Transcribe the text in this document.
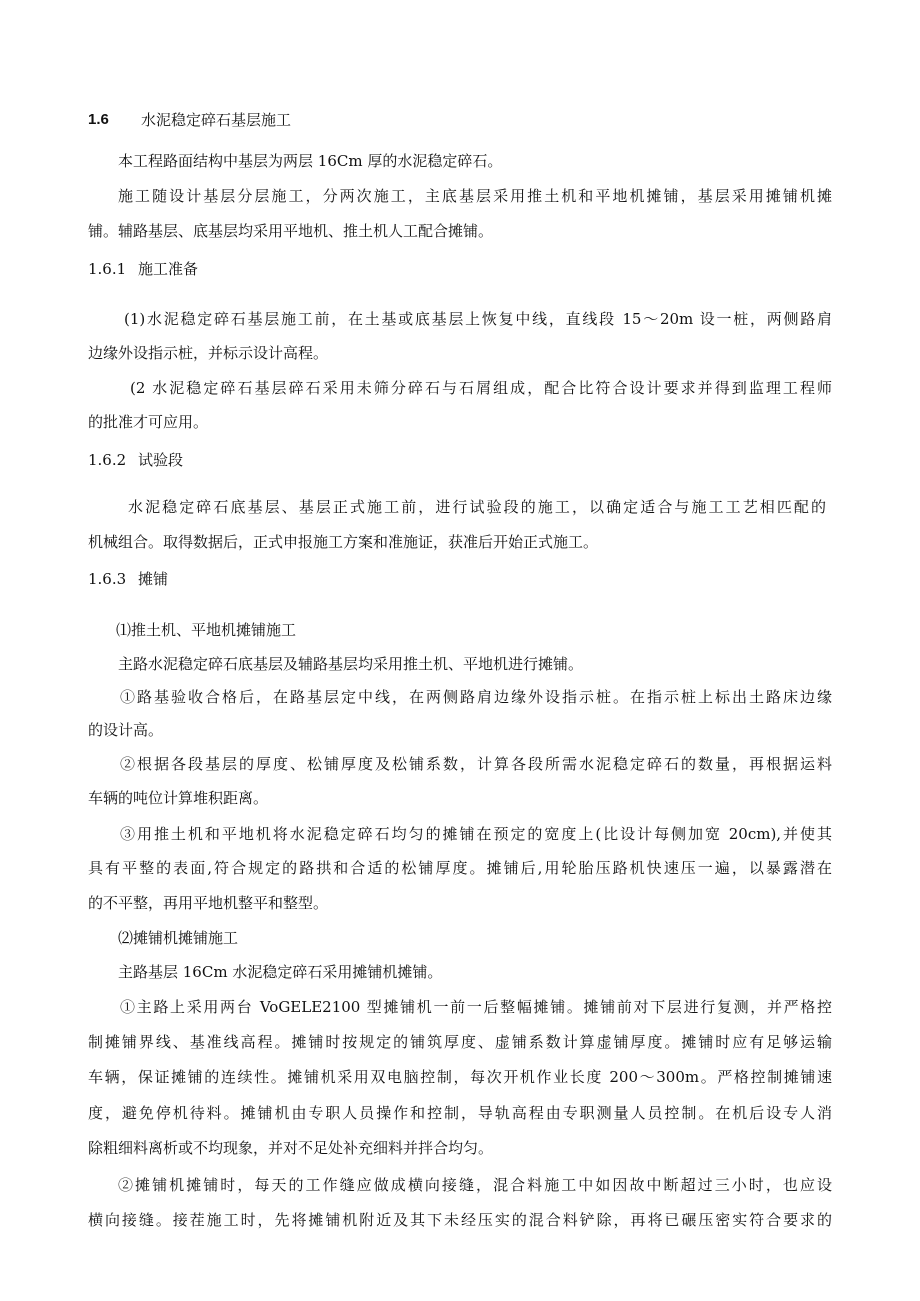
1.6 水泥稳定碎石基层施工
本工程路面结构中基层为两层 16Cm 厚的水泥稳定碎石。
施工随设计基层分层施工，分两次施工，主底基层采用推土机和平地机摊铺，基层采用摊铺机摊
铺。辅路基层、底基层均采用平地机、推土机人工配合摊铺。
1.6.1 施工准备
(1)水泥稳定碎石基层施工前，在土基或底基层上恢复中线，直线段 15～20m 设一桩，两侧路肩
边缘外设指示桩，并标示设计高程。
(2 水泥稳定碎石基层碎石采用未筛分碎石与石屑组成，配合比符合设计要求并得到监理工程师
的批准才可应用。
1.6.2 试验段
水泥稳定碎石底基层、基层正式施工前，进行试验段的施工，以确定适合与施工工艺相匹配的
机械组合。取得数据后，正式申报施工方案和准施证，获准后开始正式施工。
1.6.3 摊铺
⑴推土机、平地机摊铺施工
主路水泥稳定碎石底基层及辅路基层均采用推土机、平地机进行摊铺。
①路基验收合格后，在路基层定中线，在两侧路肩边缘外设指示桩。在指示桩上标出土路床边缘
的设计高。
②根据各段基层的厚度、松铺厚度及松铺系数，计算各段所需水泥稳定碎石的数量，再根据运料
车辆的吨位计算堆积距离。
③用推土机和平地机将水泥稳定碎石均匀的摊铺在预定的宽度上(比设计每侧加宽 20cm),并使其
具有平整的表面,符合规定的路拱和合适的松铺厚度。摊铺后,用轮胎压路机快速压一遍，以暴露潜在
的不平整，再用平地机整平和整型。
⑵摊铺机摊铺施工
主路基层 16Cm 水泥稳定碎石采用摊铺机摊铺。
①主路上采用两台 VoGELE2100 型摊铺机一前一后整幅摊铺。摊铺前对下层进行复测，并严格控
制摊铺界线、基准线高程。摊铺时按规定的铺筑厚度、虚铺系数计算虚铺厚度。摊铺时应有足够运输
车辆，保证摊铺的连续性。摊铺机采用双电脑控制，每次开机作业长度 200～300m。严格控制摊铺速
度，避免停机待料。摊铺机由专职人员操作和控制，导轨高程由专职测量人员控制。在机后设专人消
除粗细料离析或不均现象，并对不足处补充细料并拌合均匀。
②摊铺机摊铺时，每天的工作缝应做成横向接缝，混合料施工中如因故中断超过三小时，也应设
横向接缝。接茬施工时，先将摊铺机附近及其下未经压实的混合料铲除，再将已碾压密实符合要求的
